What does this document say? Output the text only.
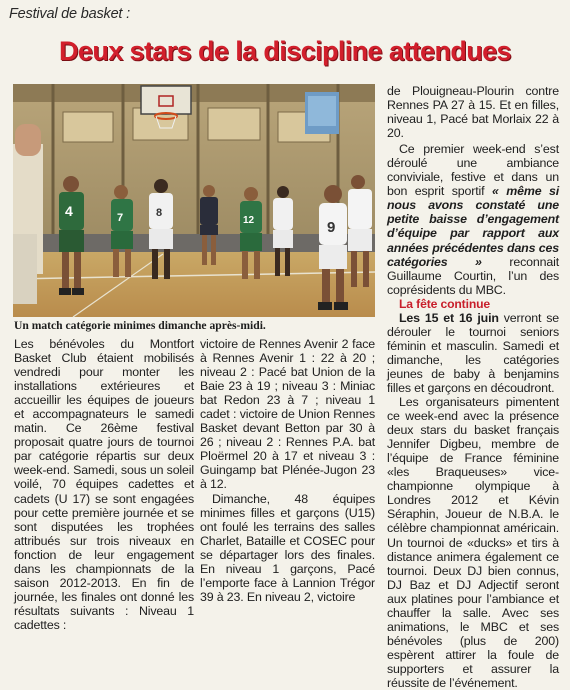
Festival de basket :
Deux stars de la discipline attendues
4	7	8
12	9
Un match catégorie minimes dimanche après-midi.

Les bénévoles du Montfort Basket Club étaient mobilisés vendredi pour monter les installations extérieures et accueillir les équipes de joueurs et accompagnateurs le samedi matin. Ce 26ème festival proposait quatre jours de tournoi par catégorie répartis sur deux week-end. Samedi, sous un soleil voilé, 70 équipes cadettes et cadets (U 17) se sont engagées pour cette première journée et se sont disputées les trophées attribués sur trois niveaux en fonction de leur engagement dans les championnats de la saison 2012-2013. En fin de journée, les finales ont donné les résultats suivants : Niveau 1 cadettes :

victoire de Rennes Avenir 2 face à Rennes Avenir 1 : 22 à 20 ; niveau 2 : Pacé bat Union de la Baie 23 à 19 ; niveau 3 : Miniac bat Redon 23 à 7 ; niveau 1 cadet : victoire de Union Rennes Basket devant Betton par 30 à 26 ; niveau 2 : Rennes P.A. bat Ploërmel 20 à 17 et niveau 3 : Guingamp bat Plénée-Jugon 23 à 12.

Dimanche, 48 équipes minimes filles et garçons (U15) ont foulé les terrains des salles Charlet, Bataille et COSEC pour se départager lors des finales. En niveau 1 garçons, Pacé l’emporte face à Lannion Trégor 39 à 23. En niveau 2, victoire

de Plouigneau-Plourin contre Rennes PA 27 à 15. Et en filles, niveau 1, Pacé bat Morlaix 22 à 20.

Ce premier week-end s’est déroulé une ambiance conviviale, festive et dans un bon esprit sportif « même si nous avons constaté une petite baisse d’engagement d’équipe par rapport aux années précédentes dans ces catégories » reconnait Guillaume Courtin, l’un des coprésidents du MBC.

La fête continue

Les 15 et 16 juin verront se dérouler le tournoi seniors féminin et masculin. Samedi et dimanche, les catégories jeunes de baby à benjamins filles et garçons en découdront.

Les organisateurs pimentent ce week-end avec la présence deux stars du basket français Jennifer Digbeu, membre de l’équipe de France féminine «les Braqueuses» vice-championne olympique à Londres 2012 et Kévin Séraphin, Joueur de N.B.A. le célèbre championnat américain. Un tournoi de «ducks» et tirs à distance animera également ce tournoi. Deux DJ bien connus, DJ Baz et DJ Adjectif seront aux platines pour l’ambiance et chauffer la salle. Avec ses animations, le MBC et ses bénévoles (plus de 200) espèrent attirer la foule de supporters et assurer la réussite de l’événement.
